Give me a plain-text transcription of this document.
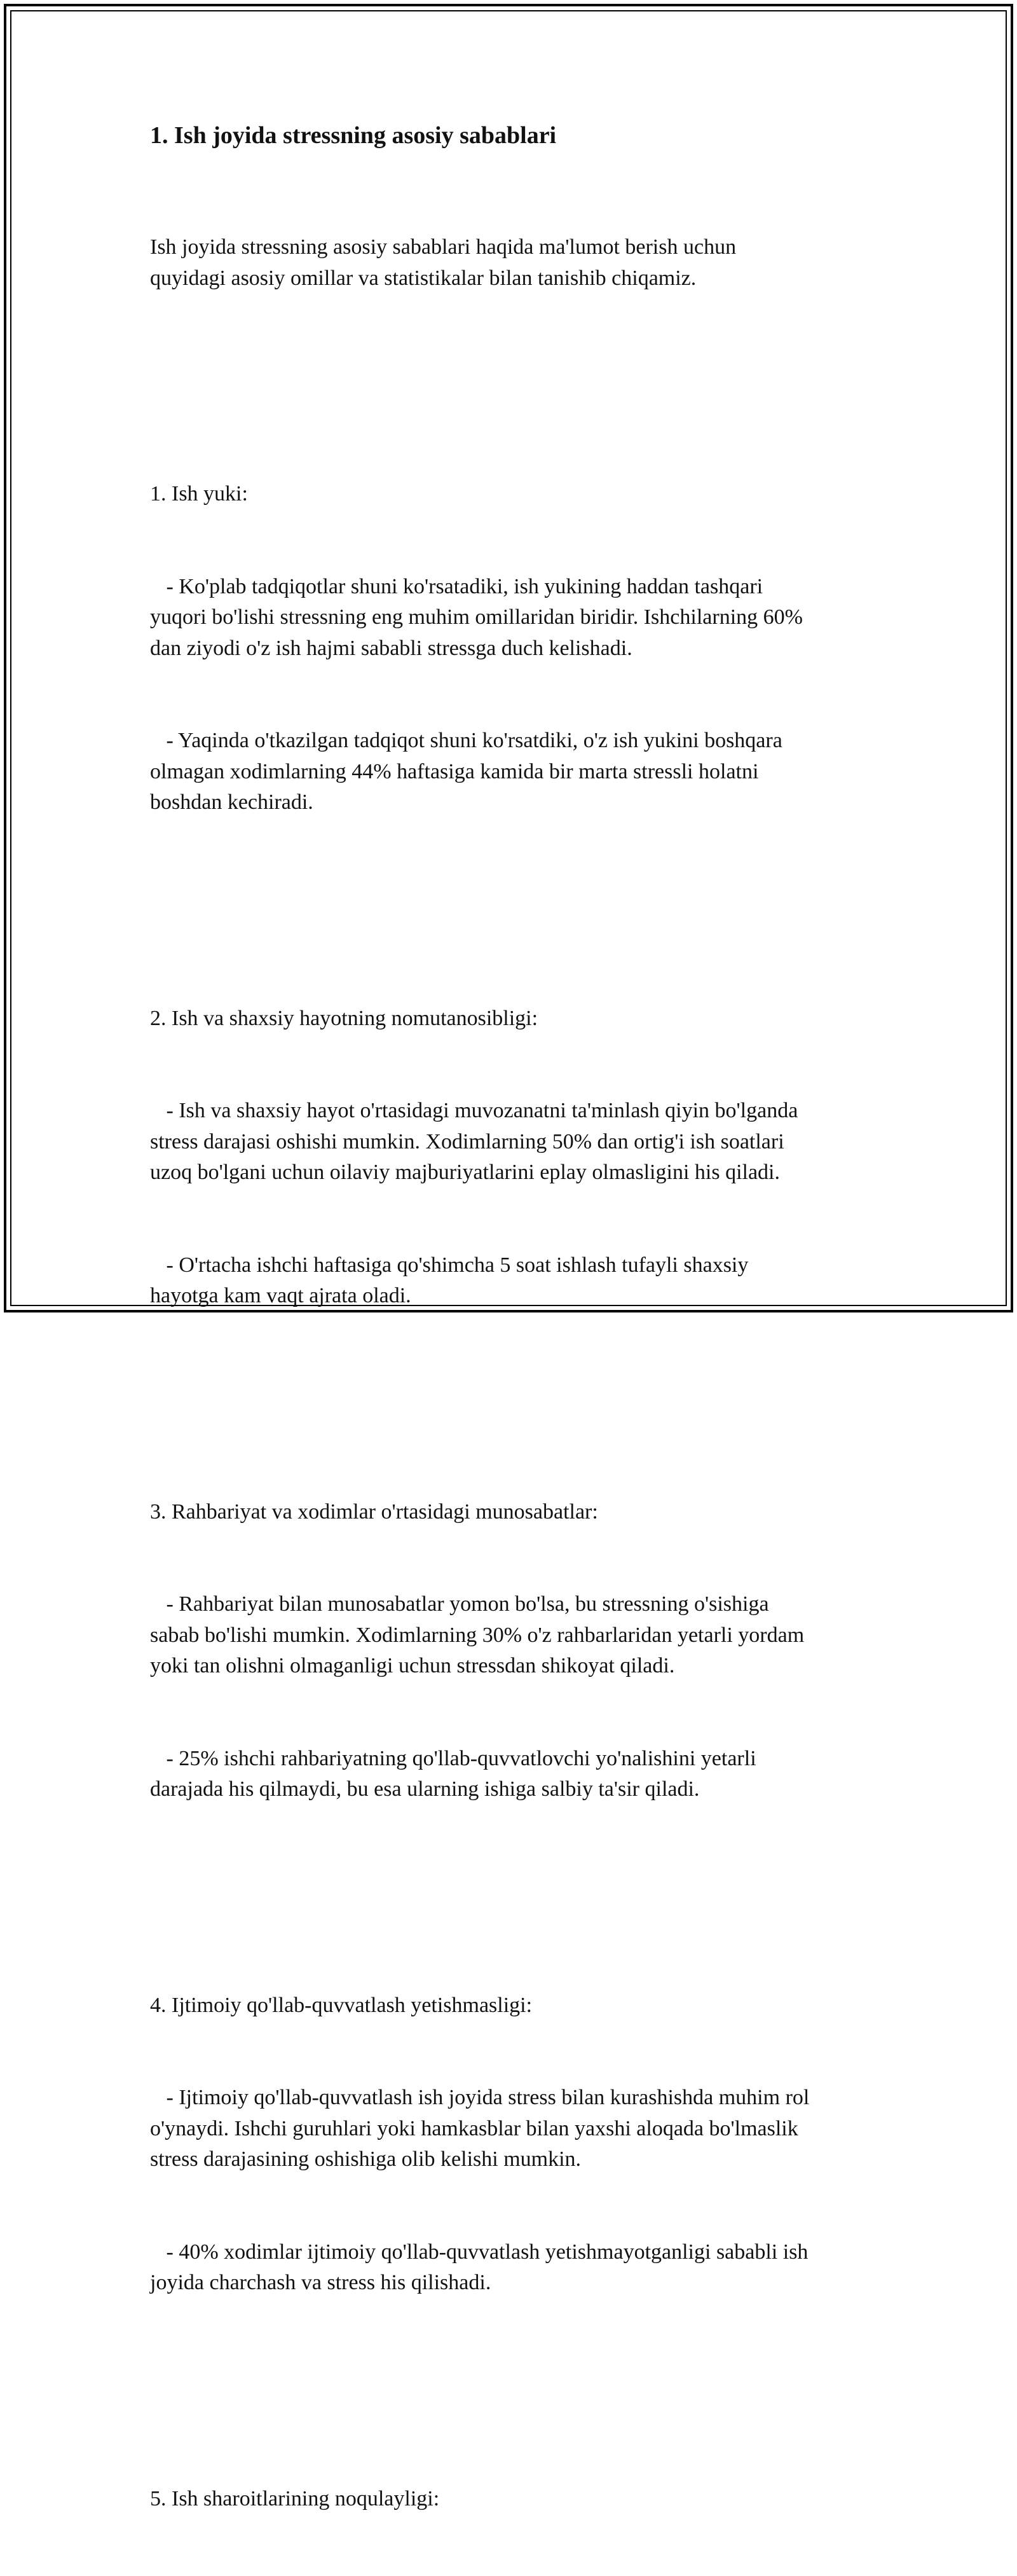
1. Ish joyida stressning asosiy sabablari

Ish joyida stressning asosiy sabablari haqida ma'lumot berish uchun
quyidagi asosiy omillar va statistikalar bilan tanishib chiqamiz.

1. Ish yuki:

- Ko'plab tadqiqotlar shuni ko'rsatadiki, ish yukining haddan tashqari
yuqori bo'lishi stressning eng muhim omillaridan biridir. Ishchilarning 60%
dan ziyodi o'z ish hajmi sababli stressga duch kelishadi.

- Yaqinda o'tkazilgan tadqiqot shuni ko'rsatdiki, o'z ish yukini boshqara
olmagan xodimlarning 44% haftasiga kamida bir marta stressli holatni
boshdan kechiradi.

2. Ish va shaxsiy hayotning nomutanosibligi:

- Ish va shaxsiy hayot o'rtasidagi muvozanatni ta'minlash qiyin bo'lganda
stress darajasi oshishi mumkin. Xodimlarning 50% dan ortig'i ish soatlari
uzoq bo'lgani uchun oilaviy majburiyatlarini eplay olmasligini his qiladi.

- O'rtacha ishchi haftasiga qo'shimcha 5 soat ishlash tufayli shaxsiy
hayotga kam vaqt ajrata oladi.

3. Rahbariyat va xodimlar o'rtasidagi munosabatlar:

- Rahbariyat bilan munosabatlar yomon bo'lsa, bu stressning o'sishiga
sabab bo'lishi mumkin. Xodimlarning 30% o'z rahbarlaridan yetarli yordam
yoki tan olishni olmaganligi uchun stressdan shikoyat qiladi.

- 25% ishchi rahbariyatning qo'llab-quvvatlovchi yo'nalishini yetarli
darajada his qilmaydi, bu esa ularning ishiga salbiy ta'sir qiladi.

4. Ijtimoiy qo'llab-quvvatlash yetishmasligi:

- Ijtimoiy qo'llab-quvvatlash ish joyida stress bilan kurashishda muhim rol
o'ynaydi. Ishchi guruhlari yoki hamkasblar bilan yaxshi aloqada bo'lmaslik
stress darajasining oshishiga olib kelishi mumkin.

- 40% xodimlar ijtimoiy qo'llab-quvvatlash yetishmayotganligi sababli ish
joyida charchash va stress his qilishadi.

5. Ish sharoitlarining noqulayligi:
